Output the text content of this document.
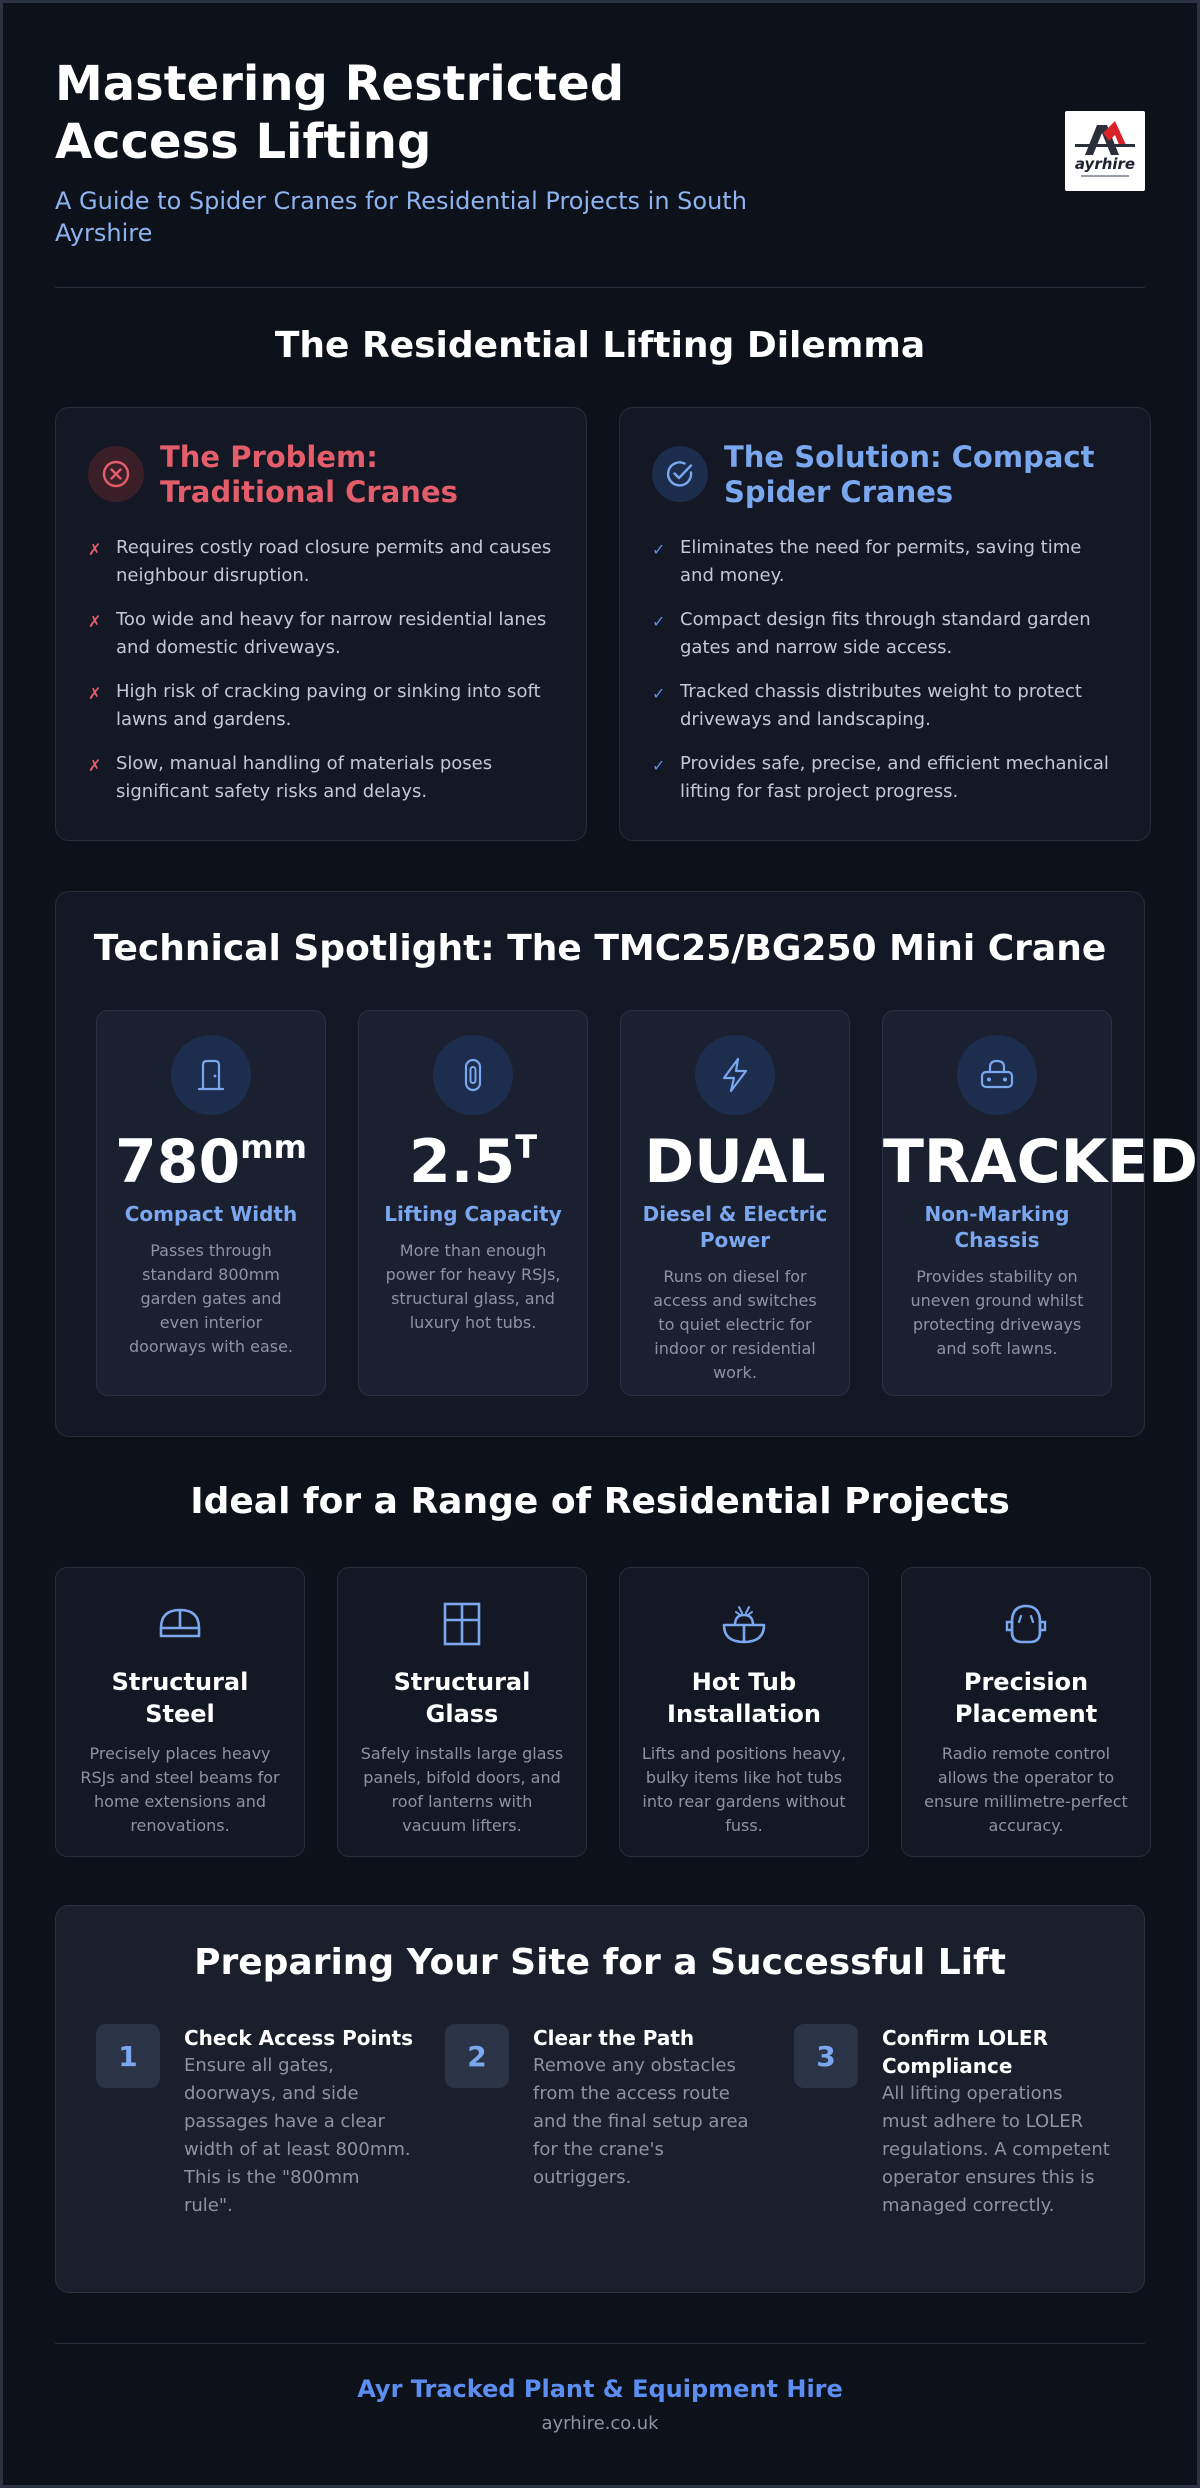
Mastering Restricted Access Lifting
A Guide to Spider Cranes for Residential Projects in South Ayrshire
ayrhire
The Residential Lifting Dilemma
The Problem: Traditional Cranes
✗ Requires costly road closure permits and causes neighbour disruption.
✗ Too wide and heavy for narrow residential lanes and domestic driveways.
✗ High risk of cracking paving or sinking into soft lawns and gardens.
✗ Slow, manual handling of materials poses significant safety risks and delays.
The Solution: Compact Spider Cranes
✓ Eliminates the need for permits, saving time and money.
✓ Compact design fits through standard garden gates and narrow side access.
✓ Tracked chassis distributes weight to protect driveways and landscaping.
✓ Provides safe, precise, and efficient mechanical lifting for fast project progress.
Technical Spotlight: The TMC25/BG250 Mini Crane
$780^{mm}$
Compact Width
Passes through standard 800mm garden gates and even interior doorways with ease.
$2.5^T$
Lifting Capacity
More than enough power for heavy RSJs, structural glass, and luxury hot tubs.
DUAL
Diesel & Electric Power
Runs on diesel for access and switches to quiet electric for indoor or residential work.
TRACKED
Non-Marking Chassis
Provides stability on uneven ground whilst protecting driveways and soft lawns.
Ideal for a Range of Residential Projects
Structural Steel

Precisely places heavy RSJs and steel beams for home extensions and renovations.

Structural Glass

Safely installs large glass panels, bifold doors, and roof lanterns with vacuum lifters.

Hot Tub Installation

Lifts and positions heavy, bulky items like hot tubs into rear gardens without fuss.

Precision Placement

Radio remote control allows the operator to ensure millimetre-perfect accuracy.

Preparing Your Site for a Successful Lift
1
Check Access Points

Ensure all gates, doorways, and side passages have a clear width of at least 800mm. This is the "800mm rule".

2
Clear the Path

Remove any obstacles from the access route and the final setup area for the crane's outriggers.

3
Confirm LOLER Compliance

All lifting operations must adhere to LOLER regulations. A competent operator ensures this is managed correctly.

Ayr Tracked Plant & Equipment Hire
ayrhire.co.uk
